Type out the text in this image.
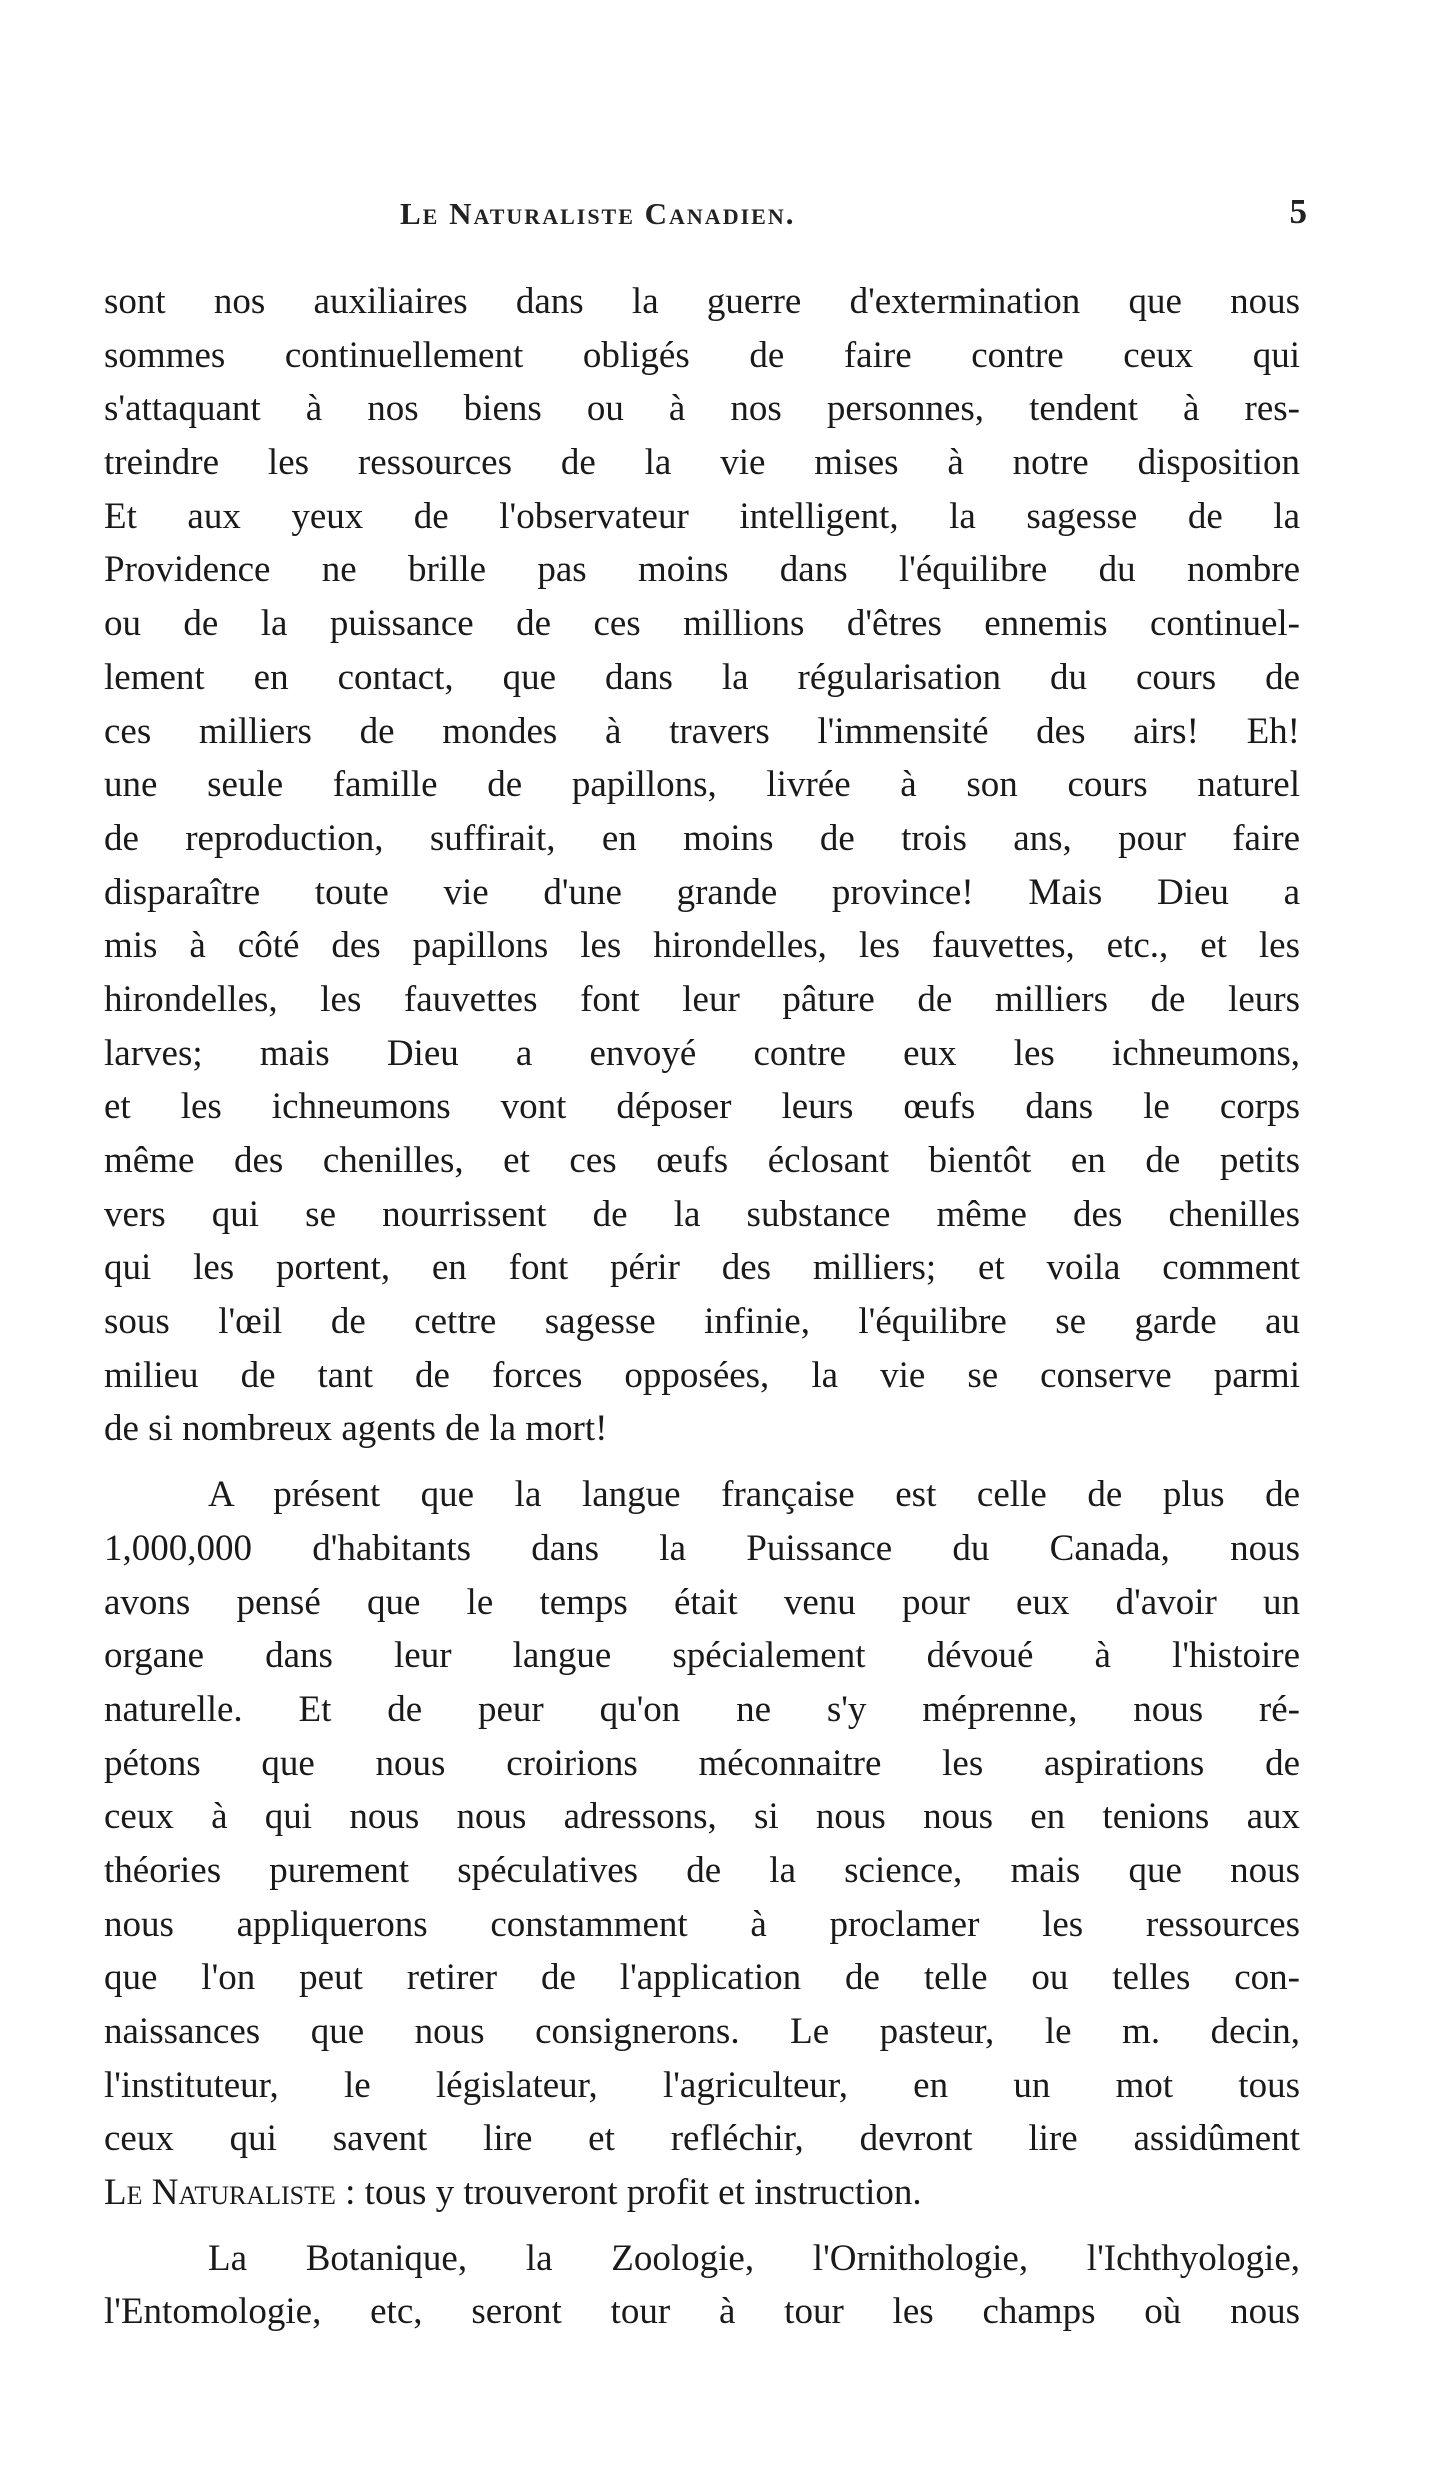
Le Naturaliste Canadien.	5
sont nos auxiliaires dans la guerre d'extermination que nous
sommes continuellement obligés de faire contre ceux qui
s'attaquant à nos biens ou à nos personnes, tendent à res-
treindre les ressources de la vie mises à notre disposition
Et aux yeux de l'observateur intelligent, la sagesse de la
Providence ne brille pas moins dans l'équilibre du nombre
ou de la puissance de ces millions d'êtres ennemis continuel-
lement en contact, que dans la régularisation du cours de
ces milliers de mondes à travers l'immensité des airs! Eh!
une seule famille de papillons, livrée à son cours naturel
de reproduction, suffirait, en moins de trois ans, pour faire
disparaître toute vie d'une grande province! Mais Dieu a
mis à côté des papillons les hirondelles, les fauvettes, etc., et les
hirondelles, les fauvettes font leur pâture de milliers de leurs
larves; mais Dieu a envoyé contre eux les ichneumons,
et les ichneumons vont déposer leurs œufs dans le corps
même des chenilles, et ces œufs éclosant bientôt en de petits
vers qui se nourrissent de la substance même des chenilles
qui les portent, en font périr des milliers; et voila comment
sous l'œil de cettre sagesse infinie, l'équilibre se garde au
milieu de tant de forces opposées, la vie se conserve parmi
de si nombreux agents de la mort!
A présent que la langue française est celle de plus de
1,000,000 d'habitants dans la Puissance du Canada, nous
avons pensé que le temps était venu pour eux d'avoir un
organe dans leur langue spécialement dévoué à l'histoire
naturelle. Et de peur qu'on ne s'y méprenne, nous ré-
pétons que nous croirions méconnaitre les aspirations de
ceux à qui nous nous adressons, si nous nous en tenions aux
théories purement spéculatives de la science, mais que nous
nous appliquerons constamment à proclamer les ressources
que l'on peut retirer de l'application de telle ou telles con-
naissances que nous consignerons. Le pasteur, le m. decin,
l'instituteur, le législateur, l'agriculteur, en un mot tous
ceux qui savent lire et refléchir, devront lire assidûment
Le Naturaliste : tous y trouveront profit et instruction.
La Botanique, la Zoologie, l'Ornithologie, l'Ichthyologie,
l'Entomologie, etc, seront tour à tour les champs où nous
